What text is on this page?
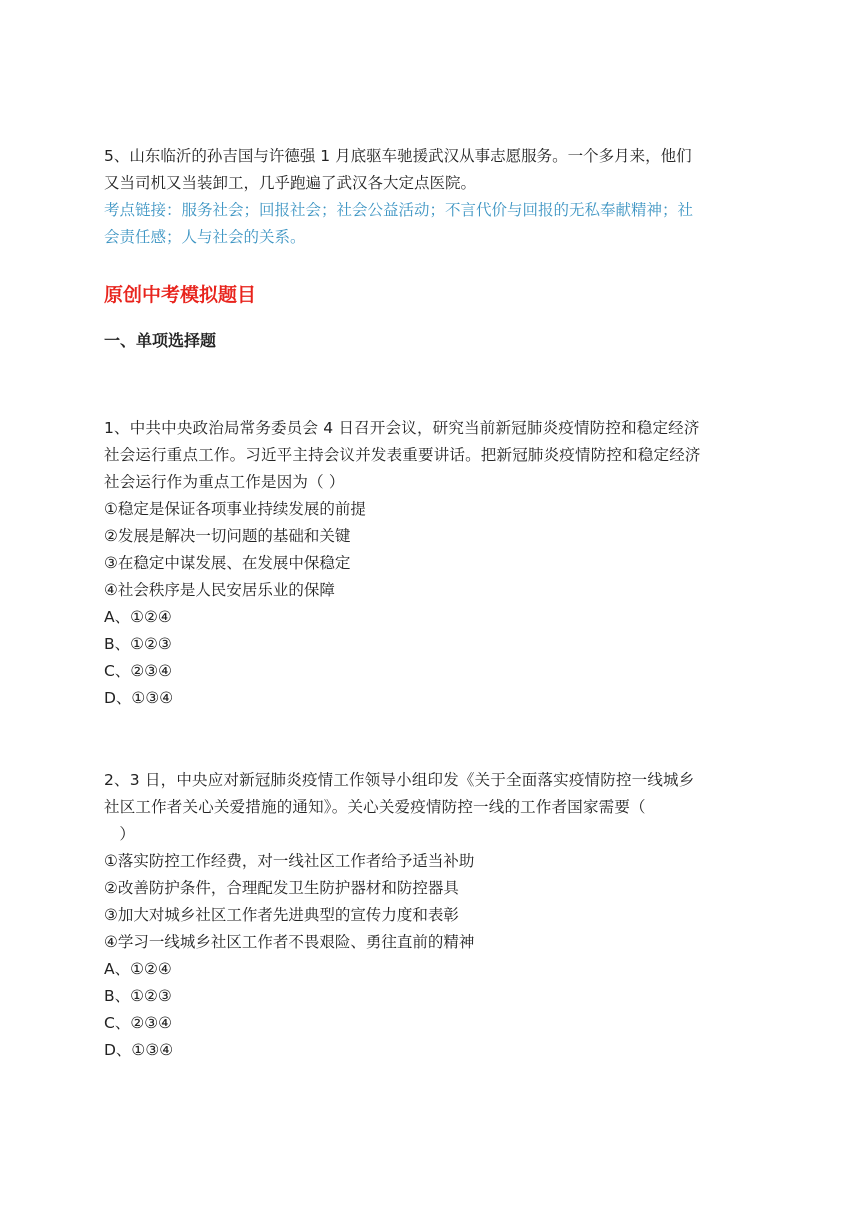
5、山东临沂的孙吉国与许德强 1 月底驱车驰援武汉从事志愿服务。一个多月来，他们
又当司机又当装卸工，几乎跑遍了武汉各大定点医院。
考点链接：服务社会；回报社会；社会公益活动；不言代价与回报的无私奉献精神；社
会责任感；人与社会的关系。
原创中考模拟题目
一、单项选择题
1、中共中央政治局常务委员会 4 日召开会议，研究当前新冠肺炎疫情防控和稳定经济
社会运行重点工作。习近平主持会议并发表重要讲话。把新冠肺炎疫情防控和稳定经济
社会运行作为重点工作是因为（ ）
①稳定是保证各项事业持续发展的前提
②发展是解决一切问题的基础和关键
③在稳定中谋发展、在发展中保稳定
④社会秩序是人民安居乐业的保障
A、①②④
B、①②③
C、②③④
D、①③④
2、3 日，中央应对新冠肺炎疫情工作领导小组印发《关于全面落实疫情防控一线城乡
社区工作者关心关爱措施的通知》。关心关爱疫情防控一线的工作者国家需要（
）
①落实防控工作经费，对一线社区工作者给予适当补助
②改善防护条件，合理配发卫生防护器材和防控器具
③加大对城乡社区工作者先进典型的宣传力度和表彰
④学习一线城乡社区工作者不畏艰险、勇往直前的精神
A、①②④
B、①②③
C、②③④
D、①③④
